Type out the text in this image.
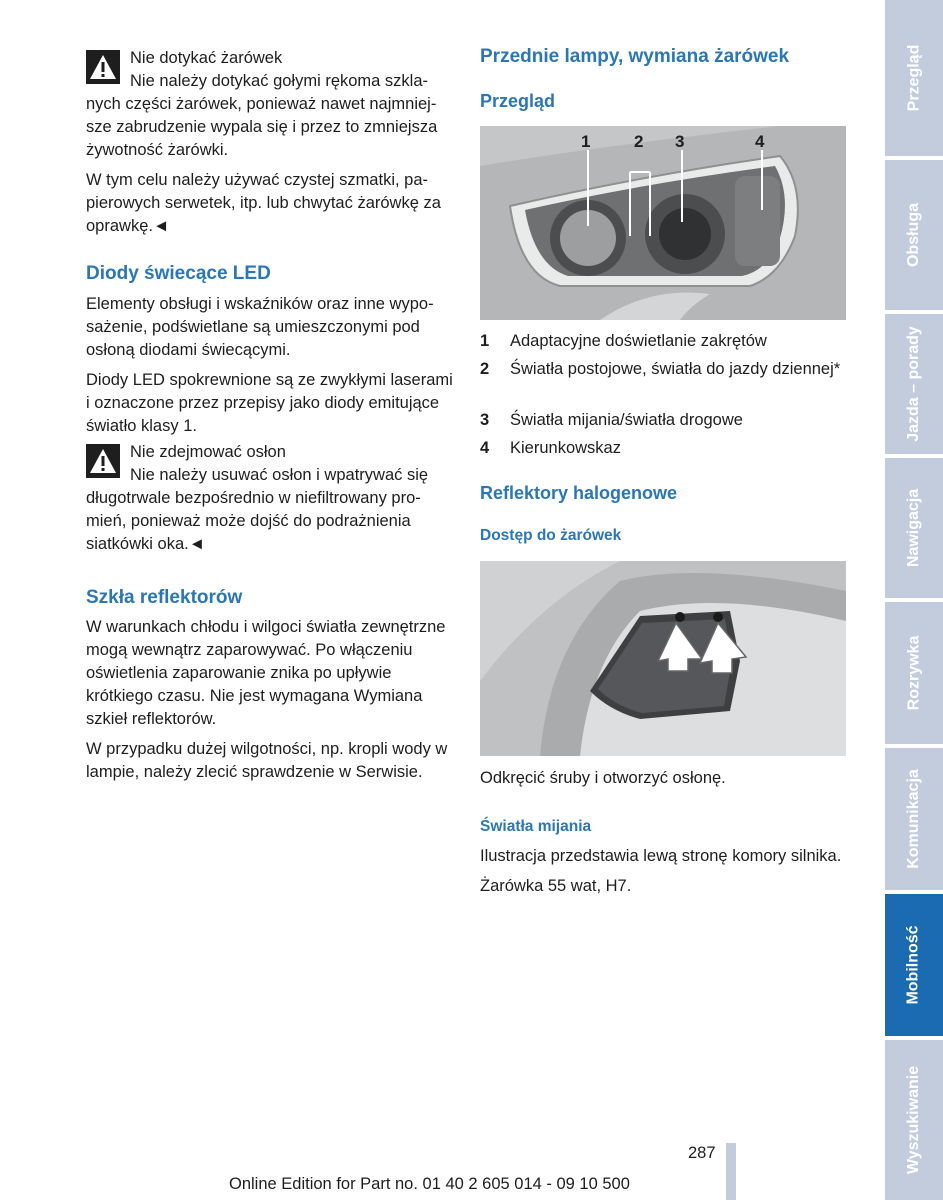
Nie dotykać żarówek

Nie należy dotykać gołymi rękoma szklanych części żarówek, ponieważ nawet najmniejsze zabrudzenie wypala się i przez to zmniejsza żywotność żarówki.

W tym celu należy używać czystej szmatki, papierowych serwetek, itp. lub chwytać żarówkę za oprawkę.◄

Diody świecące LED

Elementy obsługi i wskaźników oraz inne wyposażenie, podświetlane są umieszczonymi pod osłoną diodami świecącymi.

Diody LED spokrewnione są ze zwykłymi laserami i oznaczone przez przepisy jako diody emitujące światło klasy 1.

Nie zdejmować osłon

Nie należy usuwać osłon i wpatrywać się długotrwale bezpośrednio w niefiltrowany promień, ponieważ może dojść do podrażnienia siatkówki oka.◄

Szkła reflektorów

W warunkach chłodu i wilgoci światła zewnętrzne mogą wewnątrz zaparowywać. Po włączeniu oświetlenia zaparowanie znika po upływie krótkiego czasu. Nie jest wymagana Wymiana szkieł reflektorów.

W przypadku dużej wilgotności, np. kropli wody w lampie, należy zlecić sprawdzenie w Serwisie.

Przednie lampy, wymiana żarówek
Przegląd
1	2 3	4
1 Adaptacyjne doświetlanie zakrętów
2 Światła postojowe, światła do jazdy dziennej*
3 Światła mijania/światła drogowe
4 Kierunkowskaz
Reflektory halogenowe
Dostęp do żarówek

Odkręcić śruby i otworzyć osłonę.

Światła mijania

Ilustracja przedstawia lewą stronę komory silnika.

Żarówka 55 wat, H7.

Przegląd
Obsługa
Jazda – porady
Nawigacja
Rozrywka
Komunikacja
Mobilność
Wyszukiwanie
287
Online Edition for Part no. 01 40 2 605 014 - 09 10 500
